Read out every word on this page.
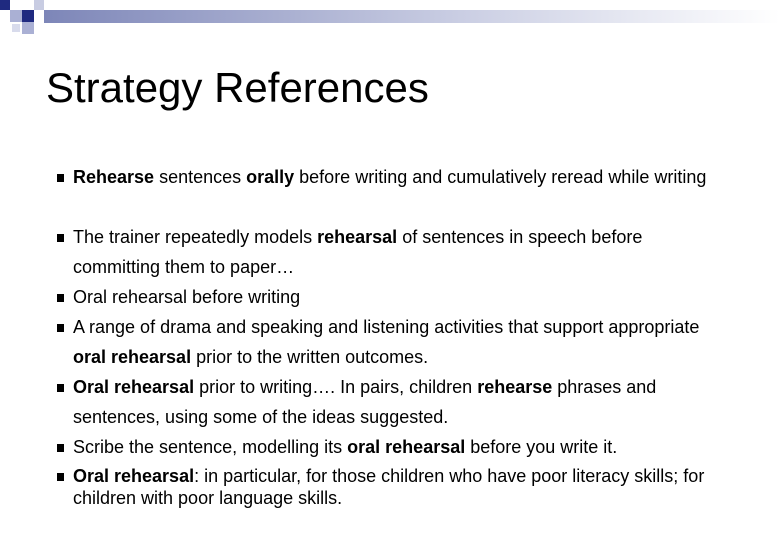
Strategy References
Rehearse sentences orally before writing and cumulatively reread while writing
The trainer repeatedly models rehearsal of sentences in speech before committing them to paper…
Oral rehearsal before writing
A range of drama and speaking and listening activities that support appropriate oral rehearsal prior to the written outcomes.
Oral rehearsal prior to writing…. In pairs, children rehearse phrases and sentences, using some of the ideas suggested.
Scribe the sentence, modelling its oral rehearsal before you write it.
Oral rehearsal: in particular, for those children who have poor literacy skills; for children with poor language skills.
